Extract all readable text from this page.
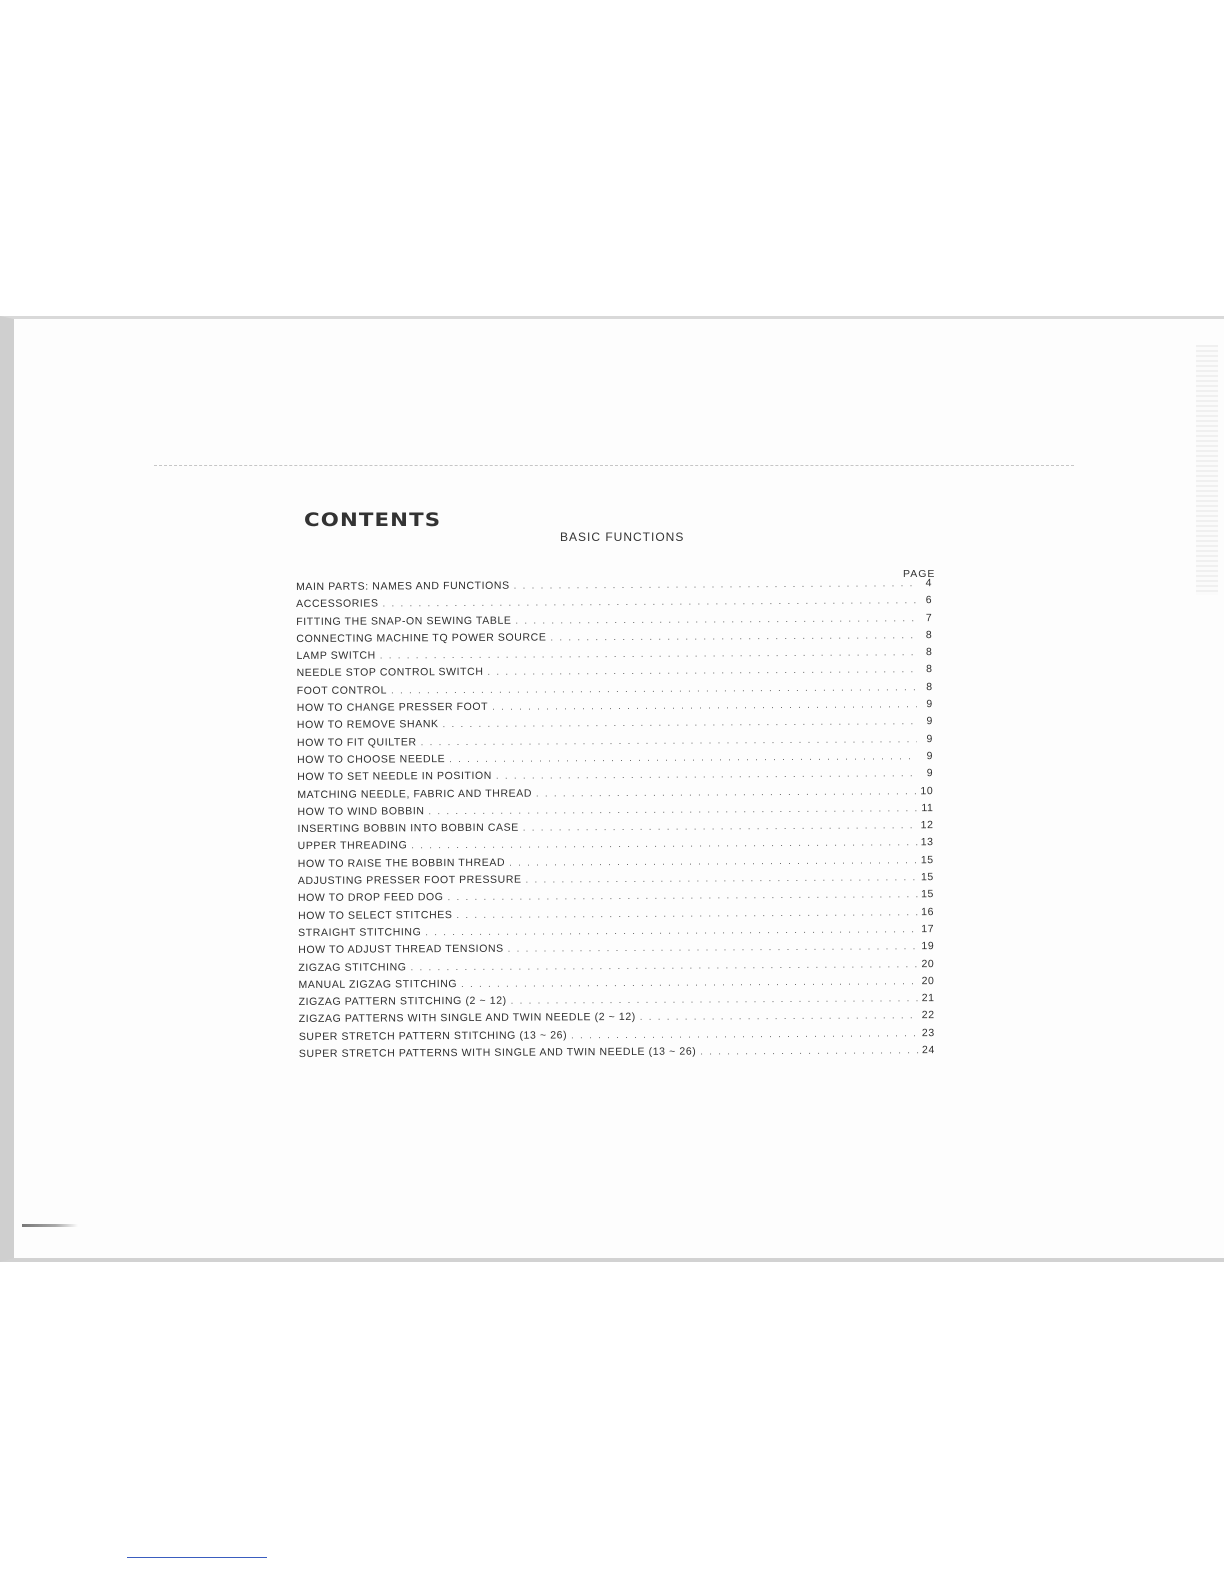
CONTENTS
BASIC FUNCTIONS
PAGE
MAIN PARTS: NAMES AND FUNCTIONS . . .	4
ACCESSORIES . . .	6
FITTING THE SNAP-ON SEWING TABLE . . .	7
CONNECTING MACHINE TQ POWER SOURCE . . .	8
LAMP SWITCH . . .	8
NEEDLE STOP CONTROL SWITCH . . .	8
FOOT CONTROL . . .	8
HOW TO CHANGE PRESSER FOOT . . .	9
HOW TO REMOVE SHANK . . .	9
HOW TO FIT QUILTER . . .	9
HOW TO CHOOSE NEEDLE . . .	9
HOW TO SET NEEDLE IN POSITION . . .	9
MATCHING NEEDLE, FABRIC AND THREAD . . .	10
HOW TO WIND BOBBIN . . .	11
INSERTING BOBBIN INTO BOBBIN CASE . . .	12
UPPER THREADING . . .	13
HOW TO RAISE THE BOBBIN THREAD . . .	15
ADJUSTING PRESSER FOOT PRESSURE . . .	15
HOW TO DROP FEED DOG . . .	15
HOW TO SELECT STITCHES . . .	16
STRAIGHT STITCHING . . .	17
HOW TO ADJUST THREAD TENSIONS . . .	19
ZIGZAG STITCHING . . .	20
MANUAL ZIGZAG STITCHING . . .	20
ZIGZAG PATTERN STITCHING (2 ~ 12) . . .	21
ZIGZAG PATTERNS WITH SINGLE AND TWIN NEEDLE (2 ~ 12) . . .	22
SUPER STRETCH PATTERN STITCHING (13 ~ 26) . . .	23
SUPER STRETCH PATTERNS WITH SINGLE AND TWIN NEEDLE (13 ~ 26) . . .	24
